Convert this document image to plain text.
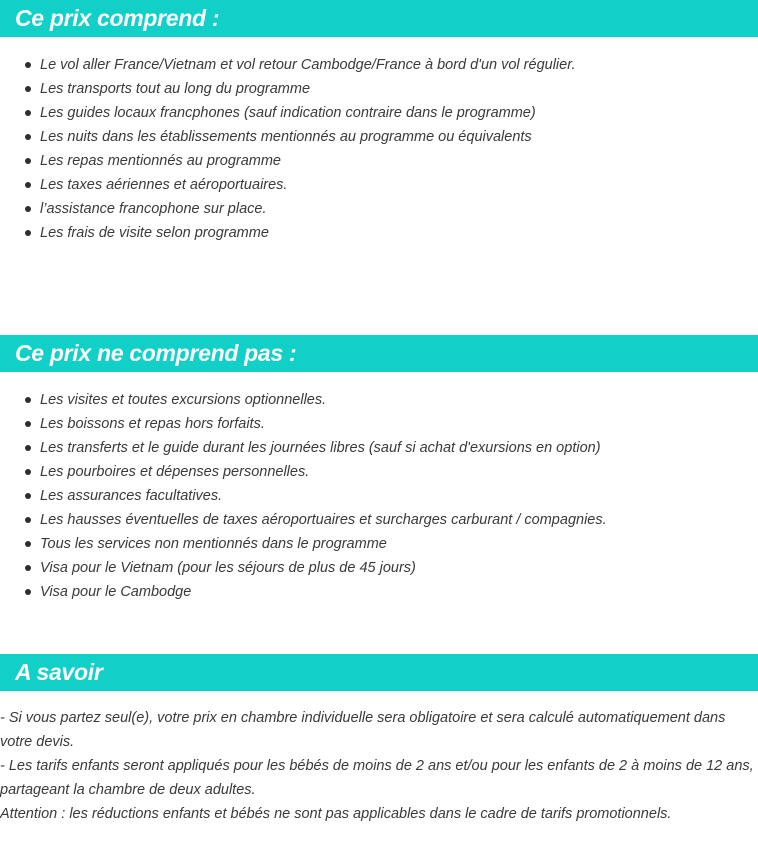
Ce prix comprend :
Le vol aller France/Vietnam et vol retour Cambodge/France à bord d'un vol régulier.
Les transports tout au long du programme
Les guides locaux francphones (sauf indication contraire dans le programme)
Les nuits dans les établissements mentionnés au programme ou équivalents
Les repas mentionnés au programme
Les taxes aériennes et aéroportuaires.
l’assistance francophone sur place.
Les frais de visite selon programme
Ce prix ne comprend pas :
Les visites et toutes excursions optionnelles.
Les boissons et repas hors forfaits.
Les transferts et le guide durant les journées libres (sauf si achat d'exursions en option)
Les pourboires et dépenses personnelles.
Les assurances facultatives.
Les hausses éventuelles de taxes aéroportuaires et surcharges carburant / compagnies.
Tous les services non mentionnés dans le programme
Visa pour le Vietnam (pour les séjours de plus de 45 jours)
Visa pour le Cambodge
A savoir

- Si vous partez seul(e), votre prix en chambre individuelle sera obligatoire et sera calculé automatiquement dans votre devis.

- Les tarifs enfants seront appliqués pour les bébés de moins de 2 ans et/ou pour les enfants de 2 à moins de 12 ans, partageant la chambre de deux adultes.

Attention : les réductions enfants et bébés ne sont pas applicables dans le cadre de tarifs promotionnels.
